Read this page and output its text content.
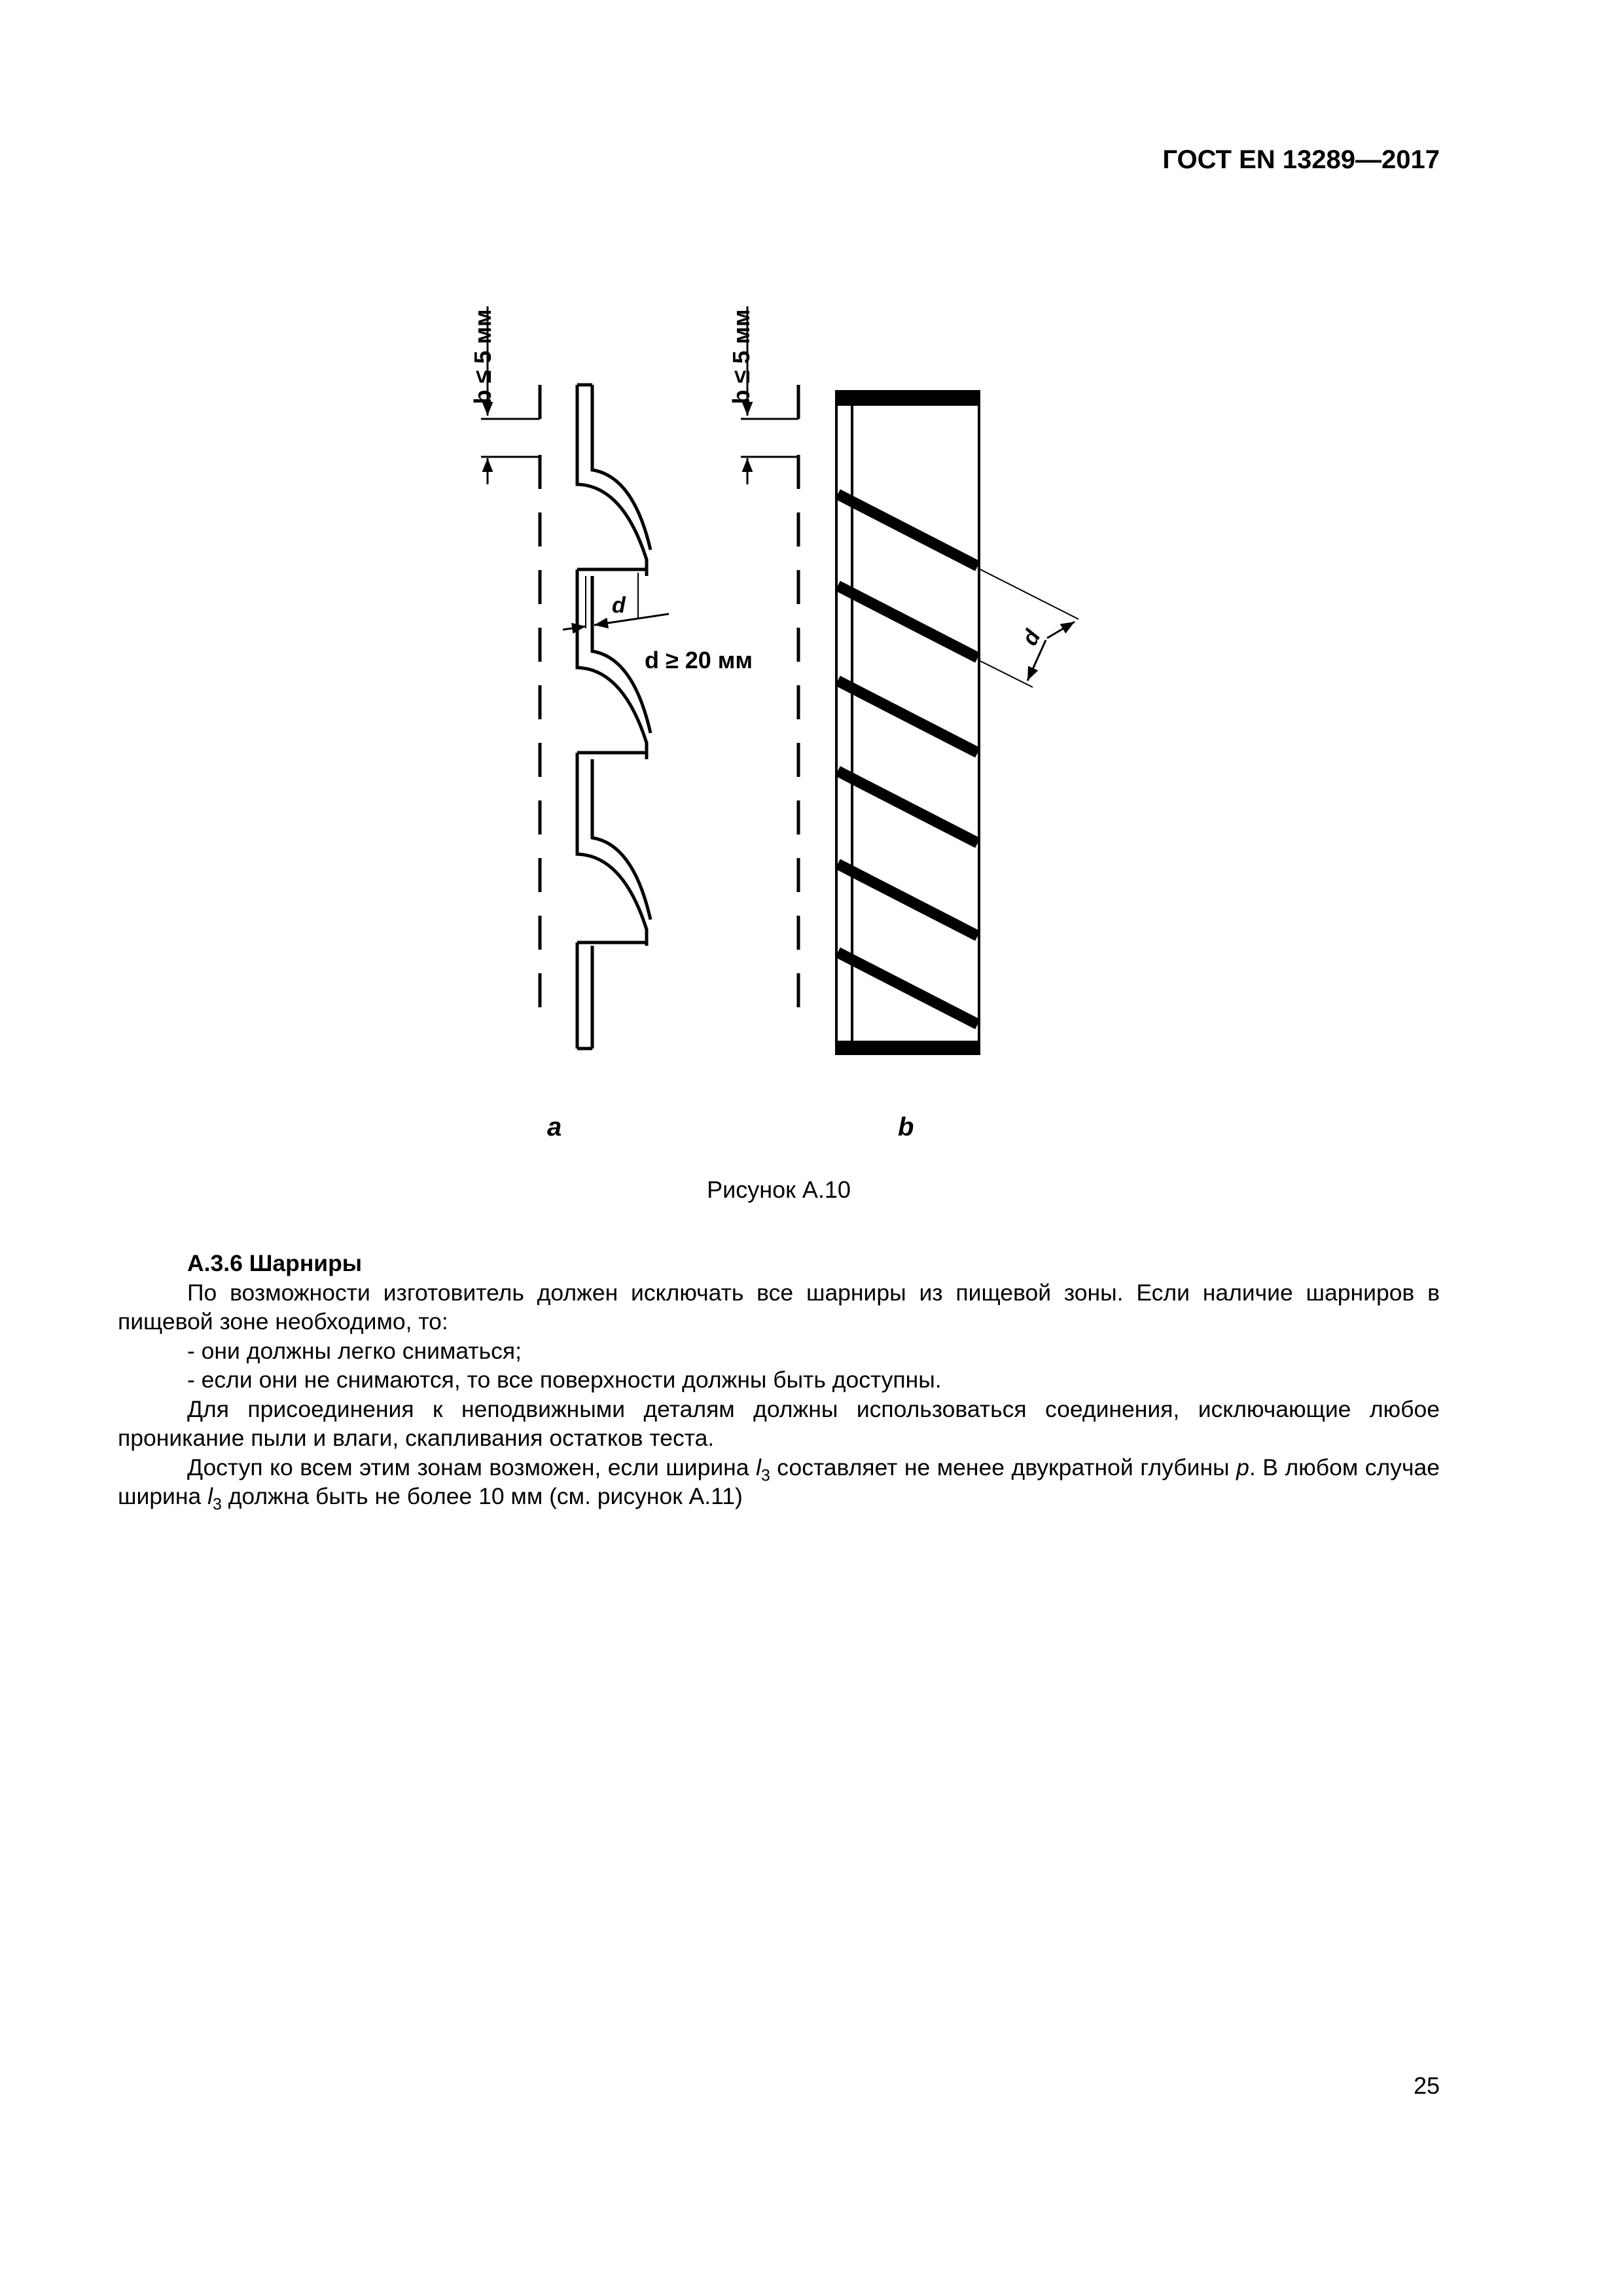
ГОСТ EN 13289—2017
b ≤ 5 мм	b ≤ 5 мм
d
d ≥ 20 мм
d
a	b
Рисунок А.10

А.3.6 Шарниры

По возможности изготовитель должен исключать все шарниры из пищевой зоны. Если наличие шарниров в пищевой зоне необходимо, то:

- они должны легко сниматься;

- если они не снимаются, то все поверхности должны быть доступны.

Для присоединения к неподвижными деталям должны использоваться соединения, исключающие любое проникание пыли и влаги, скапливания остатков теста.

Доступ ко всем этим зонам возможен, если ширина $l_3$ составляет не менее двукратной глубины p. В любом случае ширина $l_3$ должна быть не более 10 мм (см. рисунок А.11)

25
